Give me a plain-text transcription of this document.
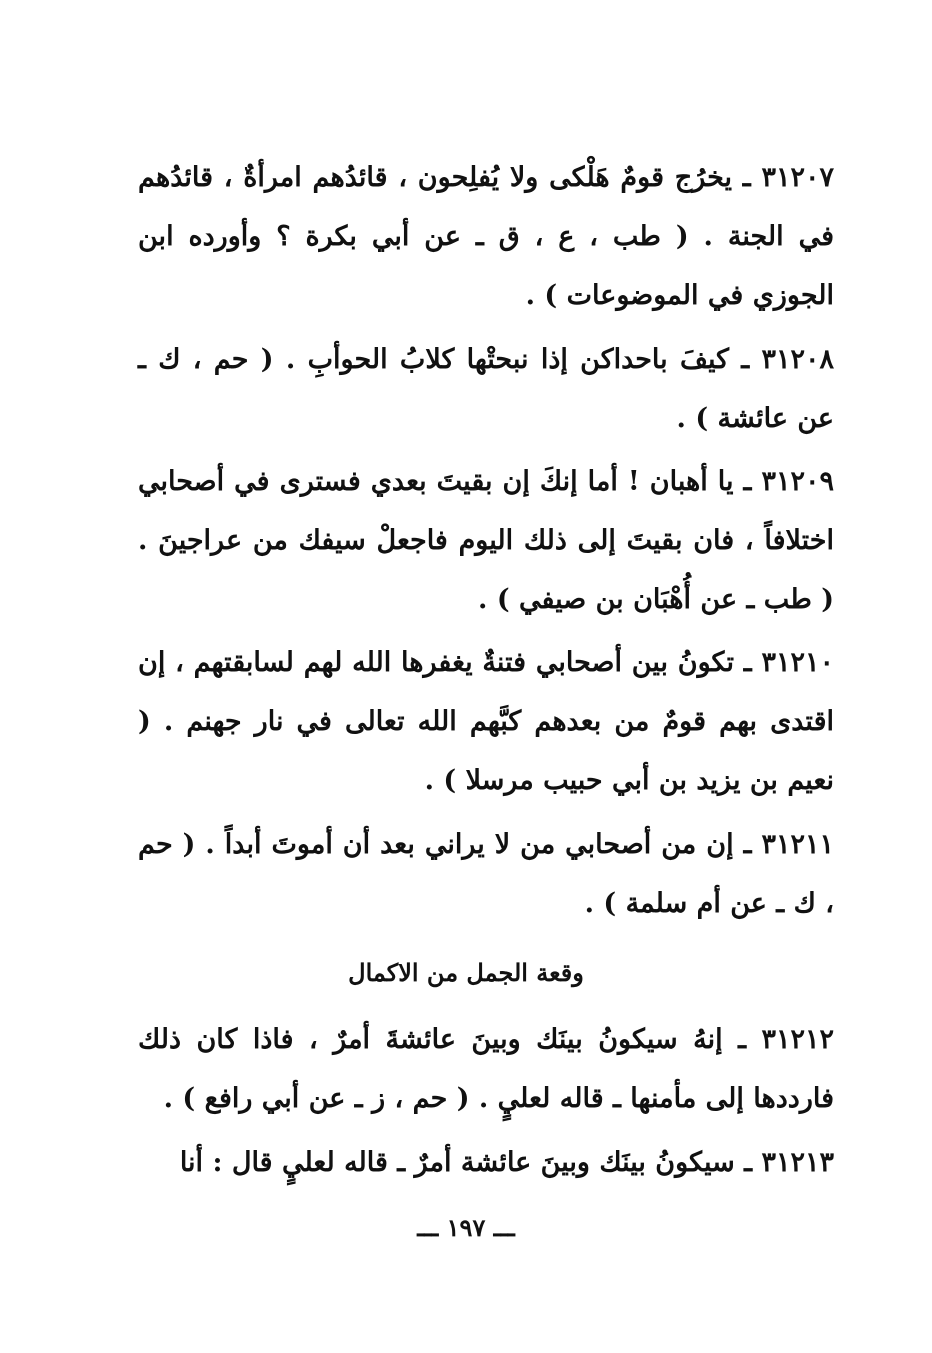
٣١٢٠٧ ـ يخرُج قومٌ هَلْكى ولا يُفلِحون ، قائدُهم امرأةٌ ، قائدُهم في الجنة . ( طب ، ع ، ق ـ عن أبي بكرة ؟ وأورده ابن الجوزي في الموضوعات ) .

٣١٢٠٨ ـ كيفَ باحداكن إذا نبحتْها كلابُ الحوأبِ . ( حم ، ك ـ عن عائشة ) .

٣١٢٠٩ ـ يا أهبان ! أما إنكَ إن بقيتَ بعدي فسترى في أصحابي اختلافاً ، فان بقيتَ إلى ذلك اليوم فاجعلْ سيفك من عراجينَ . ( طب ـ عن أُهْبَان بن صيفي ) .

٣١٢١٠ ـ تكونُ بين أصحابي فتنةٌ يغفرها الله لهم لسابقتهم ، إن اقتدى بهم قومٌ من بعدهم كبَّهم الله تعالى في نار جهنم . ( نعيم بن يزيد بن أبي حبيب مرسلا ) .

٣١٢١١ ـ إن من أصحابي من لا يراني بعد أن أموتَ أبداً . ( حم ، ك ـ عن أم سلمة ) .

وقعة الجمل من الاكمال

٣١٢١٢ ـ إنهُ سيكونُ بينَك وبينَ عائشةَ أمرٌ ، فاذا كان ذلك فارددها إلى مأمنها ـ قاله لعليٍ . ( حم ، ز ـ عن أبي رافع ) .

٣١٢١٣ ـ سيكونُ بينَك وبينَ عائشة أمرٌ ـ قاله لعليٍ قال : أنا

ـــ ١٩٧ ـــ
